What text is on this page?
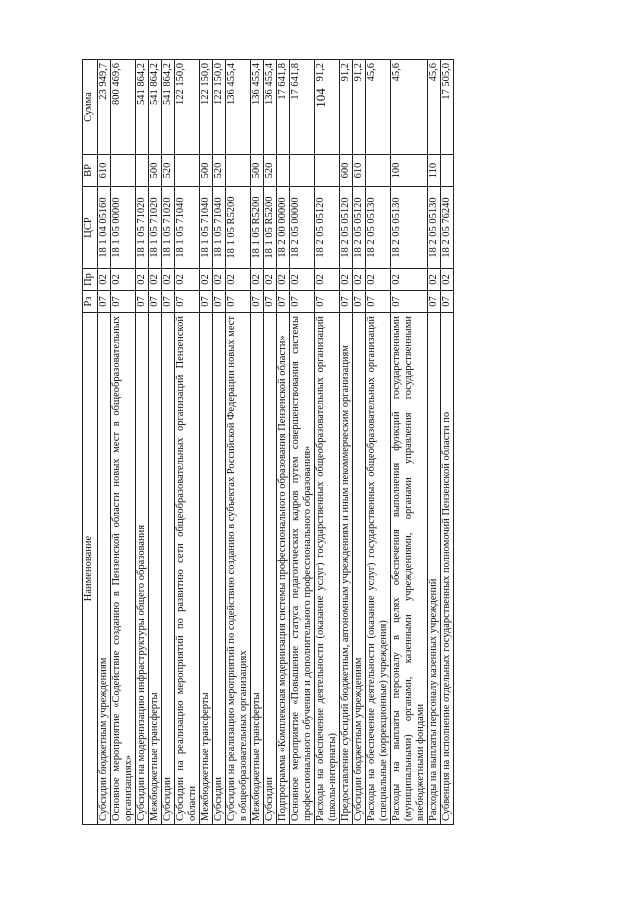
104
Наименование	Рз	Пр	ЦСР	ВР	Сумма
Субсидии бюджетным учреждениям	07	02	18 1 04 05160	610	23 949,7
Основное мероприятие «Содействие созданию в Пензенской области новых мест в общеобразовательных организациях»	07	02	18 1 05 00000		800 469,6
Субсидии на модернизацию инфраструктуры общего образования	07	02	18 1 05 71020		541 864,2
Межбюджетные трансферты	07	02	18 1 05 71020	500	541 864,2
Субсидии	07	02	18 1 05 71020	520	541 864,2
Субсидии на реализацию мероприятий по развитию сети общеобразовательных организаций Пензенской области	07	02	18 1 05 71040		122 150,0
Межбюджетные трансферты	07	02	18 1 05 71040	500	122 150,0
Субсидии	07	02	18 1 05 71040	520	122 150,0
Субсидии на реализацию мероприятий по содействию созданию в субъектах Российской Федерации новых мест в общеобразовательных организациях	07	02	18 1 05 R5200		136 455,4
Межбюджетные трансферты	07	02	18 1 05 R5200	500	136 455,4
Субсидии	07	02	18 1 05 R5200	520	136 455,4
Подпрограмма «Комплексная модернизация системы профессионального образования Пензенской области»	07	02	18 2 00 00000		17 641,8
Основное мероприятие «Повышение статуса педагогических кадров путем совершенствования системы профессионального обучения и дополнительного профессионального образования»	07	02	18 2 05 00000		17 641,8
Расходы на обеспечение деятельности (оказание услуг) государственных общеобразовательных организаций (школы-интернаты)	07	02	18 2 05 05120		91,2
Предоставление субсидий бюджетным, автономным учреждениям и иным некоммерческим организациям	07	02	18 2 05 05120	600	91,2
Субсидии бюджетным учреждениям	07	02	18 2 05 05120	610	91,2
Расходы на обеспечение деятельности (оказание услуг) государственных общеобразовательных организаций (специальные (коррекционные) учреждения)	07	02	18 2 05 05130		45,6
Расходы на выплаты персоналу в целях обеспечения выполнения функций государственными (муниципальными) органами, казенными учреждениями, органами управления государственными внебюджетными фондами	07	02	18 2 05 05130	100	45,6
Расходы на выплаты персоналу казенных учреждений	07	02	18 2 05 05130	110	45,6
Субвенция на исполнение отдельных государственных полномочий Пензенской области по	07	02	18 2 05 76240		17 505,0
